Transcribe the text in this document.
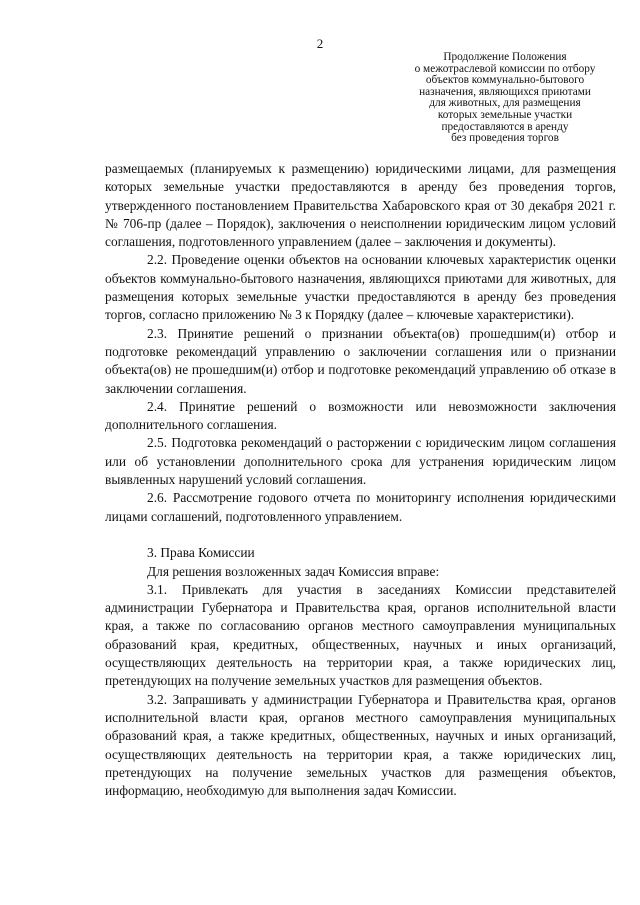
2
Продолжение Положения
о межотраслевой комиссии по отбору
объектов коммунально-бытового
назначения, являющихся приютами
для животных, для размещения
которых земельные участки
предоставляются в аренду
без проведения торгов

размещаемых (планируемых к размещению) юридическими лицами, для размещения которых земельные участки предоставляются в аренду без проведения торгов, утвержденного постановлением Правительства Хабаровского края от 30 декабря 2021 г. № 706-пр (далее – Порядок), заключения о неисполнении юридическим лицом условий соглашения, подготовленного управлением (далее – заключения и документы).

2.2. Проведение оценки объектов на основании ключевых характеристик оценки объектов коммунально-бытового назначения, являющихся приютами для животных, для размещения которых земельные участки предоставляются в аренду без проведения торгов, согласно приложению № 3 к Порядку (далее – ключевые характеристики).

2.3. Принятие решений о признании объекта(ов) прошедшим(и) отбор и подготовке рекомендаций управлению о заключении соглашения или о признании объекта(ов) не прошедшим(и) отбор и подготовке рекомендаций управлению об отказе в заключении соглашения.

2.4. Принятие решений о возможности или невозможности заключения дополнительного соглашения.

2.5. Подготовка рекомендаций о расторжении с юридическим лицом соглашения или об установлении дополнительного срока для устранения юридическим лицом выявленных нарушений условий соглашения.

2.6. Рассмотрение годового отчета по мониторингу исполнения юридическими лицами соглашений, подготовленного управлением.

3. Права Комиссии

Для решения возложенных задач Комиссия вправе:

3.1. Привлекать для участия в заседаниях Комиссии представителей администрации Губернатора и Правительства края, органов исполнительной власти края, а также по согласованию органов местного самоуправления муниципальных образований края, кредитных, общественных, научных и иных организаций, осуществляющих деятельность на территории края, а также юридических лиц, претендующих на получение земельных участков для размещения объектов.

3.2. Запрашивать у администрации Губернатора и Правительства края, органов исполнительной власти края, органов местного самоуправления муниципальных образований края, а также кредитных, общественных, научных и иных организаций, осуществляющих деятельность на территории края, а также юридических лиц, претендующих на получение земельных участков для размещения объектов, информацию, необходимую для выполнения задач Комиссии.
